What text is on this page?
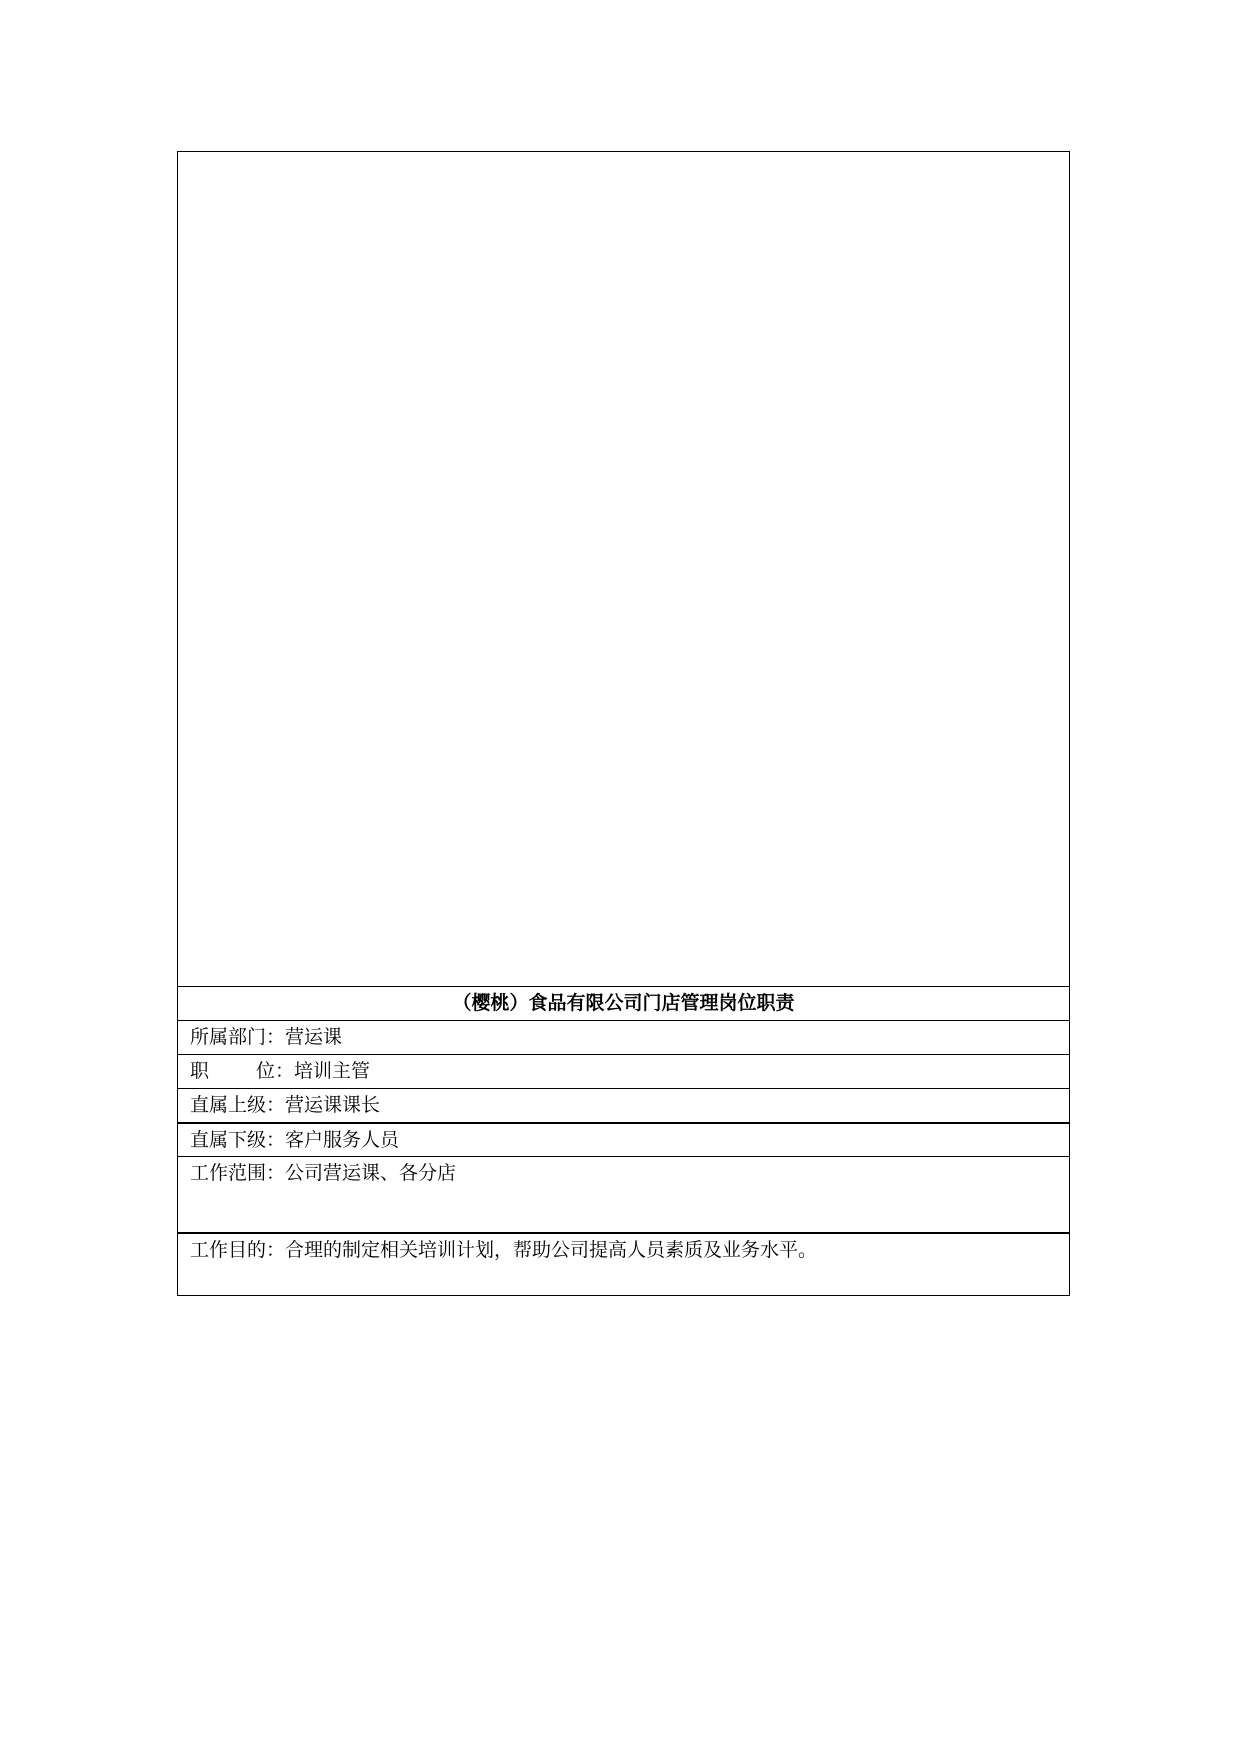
（樱桃）食品有限公司门店管理岗位职责
所属部门：营运课
职 位：培训主管
直属上级：营运课课长
直属下级：客户服务人员
工作范围：公司营运课、各分店
工作目的：合理的制定相关培训计划，帮助公司提高人员素质及业务水平。
